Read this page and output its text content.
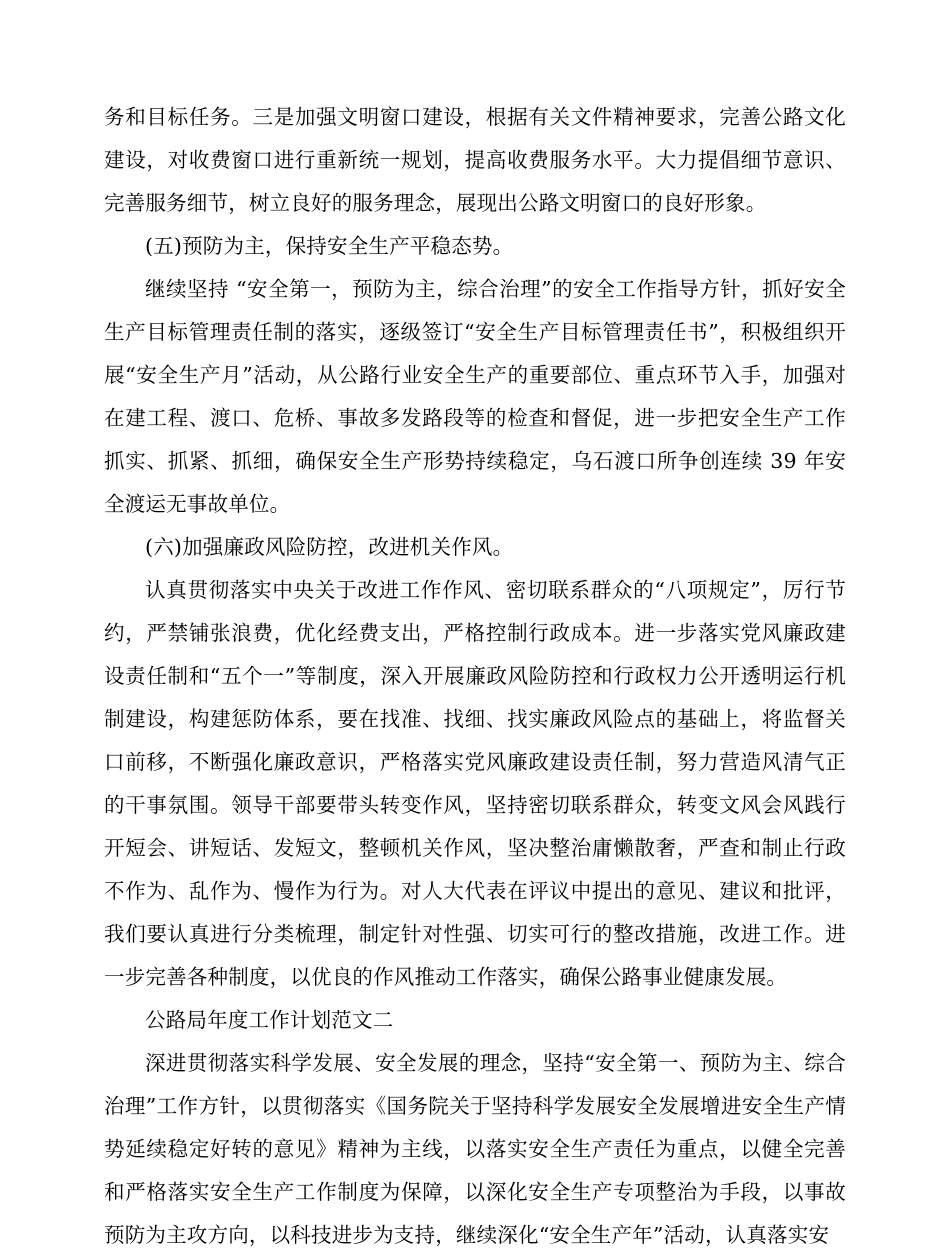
务和目标任务。三是加强文明窗口建设，根据有关文件精神要求，完善公路文化建设，对收费窗口进行重新统一规划，提高收费服务水平。大力提倡细节意识、完善服务细节，树立良好的服务理念，展现出公路文明窗口的良好形象。

(五)预防为主，保持安全生产平稳态势。

继续坚持 “安全第一，预防为主，综合治理”的安全工作指导方针，抓好安全生产目标管理责任制的落实，逐级签订“安全生产目标管理责任书”，积极组织开展“安全生产月”活动，从公路行业安全生产的重要部位、重点环节入手，加强对在建工程、渡口、危桥、事故多发路段等的检查和督促，进一步把安全生产工作抓实、抓紧、抓细，确保安全生产形势持续稳定，乌石渡口所争创连续 39 年安全渡运无事故单位。

(六)加强廉政风险防控，改进机关作风。

认真贯彻落实中央关于改进工作作风、密切联系群众的“八项规定”，厉行节约，严禁铺张浪费，优化经费支出，严格控制行政成本。进一步落实党风廉政建设责任制和“五个一”等制度，深入开展廉政风险防控和行政权力公开透明运行机制建设，构建惩防体系，要在找准、找细、找实廉政风险点的基础上，将监督关口前移，不断强化廉政意识，严格落实党风廉政建设责任制，努力营造风清气正的干事氛围。领导干部要带头转变作风，坚持密切联系群众，转变文风会风践行开短会、讲短话、发短文，整顿机关作风，坚决整治庸懒散奢，严查和制止行政不作为、乱作为、慢作为行为。对人大代表在评议中提出的意见、建议和批评，我们要认真进行分类梳理，制定针对性强、切实可行的整改措施，改进工作。进一步完善各种制度，以优良的作风推动工作落实，确保公路事业健康发展。

公路局年度工作计划范文二

深进贯彻落实科学发展、安全发展的理念，坚持“安全第一、预防为主、综合治理”工作方针，以贯彻落实《国务院关于坚持科学发展安全发展增进安全生产情势延续稳定好转的意见》精神为主线，以落实安全生产责任为重点，以健全完善和严格落实安全生产工作制度为保障，以深化安全生产专项整治为手段，以事故预防为主攻方向，以科技进步为支持，继续深化“安全生产年”活动，认真落实安
